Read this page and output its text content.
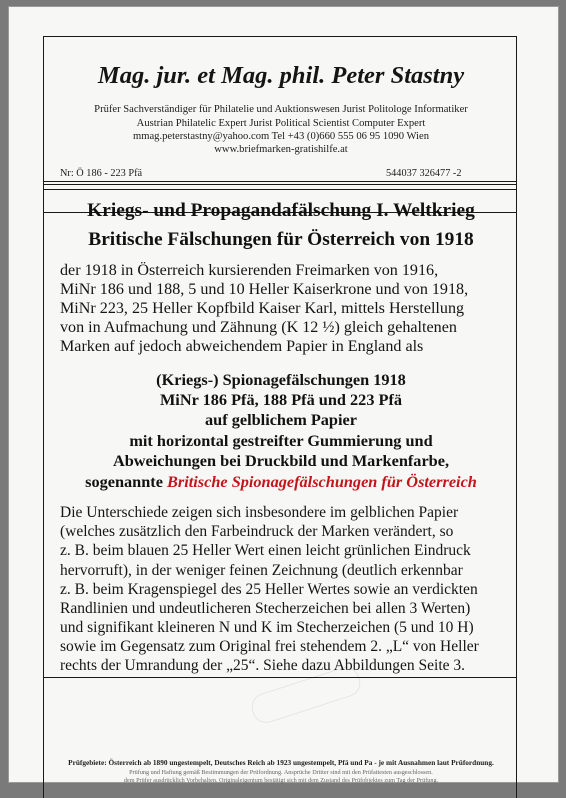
Mag. jur. et Mag. phil. Peter Stastny
Prüfer Sachverständiger für Philatelie und Auktionswesen Jurist Politologe Informatiker
Austrian Philatelic Expert Jurist Political Scientist Computer Expert
mmag.peterstastny@yahoo.com Tel +43 (0)660 555 06 95 1090 Wien
www.briefmarken-gratishilfe.at
Nr: Ö 186 - 223 Pfä	544037 326477 -2
Kriegs- und Propagandafälschung I. Weltkrieg
Britische Fälschungen für Österreich von 1918
der 1918 in Österreich kursierenden Freimarken von 1916,
MiNr 186 und 188, 5 und 10 Heller Kaiserkrone und von 1918,
MiNr 223, 25 Heller Kopfbild Kaiser Karl, mittels Herstellung
von in Aufmachung und Zähnung (K 12 ½) gleich gehaltenen
Marken auf jedoch abweichendem Papier in England als
(Kriegs-) Spionagefälschungen 1918
MiNr 186 Pfä, 188 Pfä und 223 Pfä
auf gelblichem Papier
mit horizontal gestreifter Gummierung und
Abweichungen bei Druckbild und Markenfarbe,
sogenannte Britische Spionagefälschungen für Österreich
Die Unterschiede zeigen sich insbesondere im gelblichen Papier
(welches zusätzlich den Farbeindruck der Marken verändert, so
z. B. beim blauen 25 Heller Wert einen leicht grünlichen Eindruck
hervorruft), in der weniger feinen Zeichnung (deutlich erkennbar
z. B. beim Kragenspiegel des 25 Heller Wertes sowie an verdickten
Randlinien und undeutlicheren Stecherzeichen bei allen 3 Werten)
und signifikant kleineren N und K im Stecherzeichen (5 und 10 H)
sowie im Gegensatz zum Original frei stehendem 2. „L“ von Heller
rechts der Umrandung der „25“. Siehe dazu Abbildungen Seite 3.
Prüfgebiete: Österreich ab 1890 ungestempelt, Deutsches Reich ab 1923 ungestempelt, Pfä und Pa - je mit Ausnahmen laut Prüfordnung.
Prüfung und Haftung gemäß Bestimmungen der Prüfordnung. Ansprüche Dritter sind mit den Prüfattesten ausgeschlossen.
dem Prüfer ausdrücklich Vorbehalten. Originaleigentum bestätigt sich mit dem Zustand des Prüfobjektes zum Tag der Prüfung.
